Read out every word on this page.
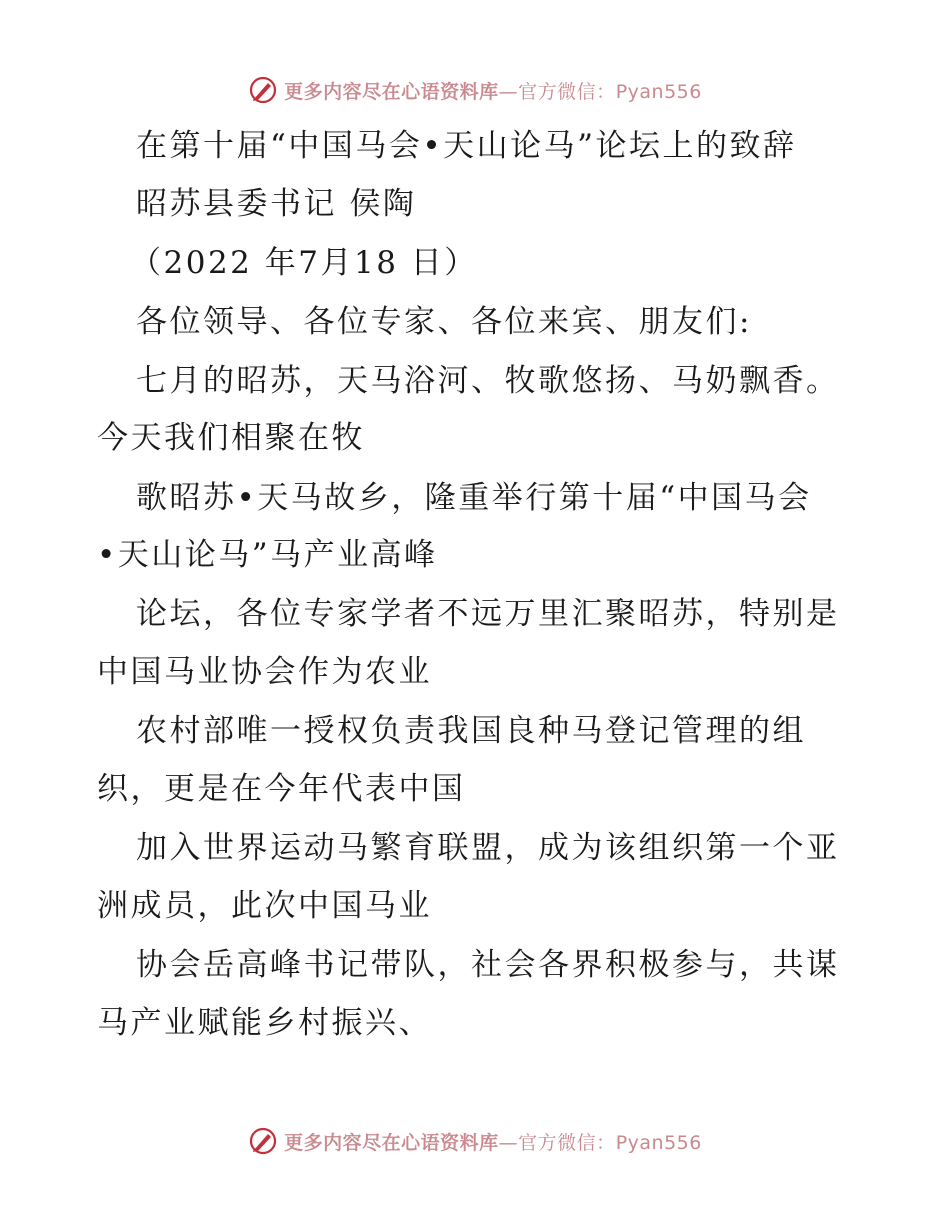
更多内容尽在心语资料库—官方微信：Pyan556
在第十届“中国马会•天山论马”论坛上的致辞
昭苏县委书记 侯陶
（2022 年7月18 日）
各位领导、各位专家、各位来宾、朋友们:
七月的昭苏，天马浴河、牧歌悠扬、马奶飘香。
今天我们相聚在牧
歌昭苏•天马故乡，隆重举行第十届“中国马会
•天山论马”马产业高峰
论坛，各位专家学者不远万里汇聚昭苏，特别是
中国马业协会作为农业
农村部唯一授权负责我国良种马登记管理的组
织，更是在今年代表中国
加入世界运动马繁育联盟，成为该组织第一个亚
洲成员，此次中国马业
协会岳高峰书记带队，社会各界积极参与，共谋
马产业赋能乡村振兴、
更多内容尽在心语资料库—官方微信：Pyan556
